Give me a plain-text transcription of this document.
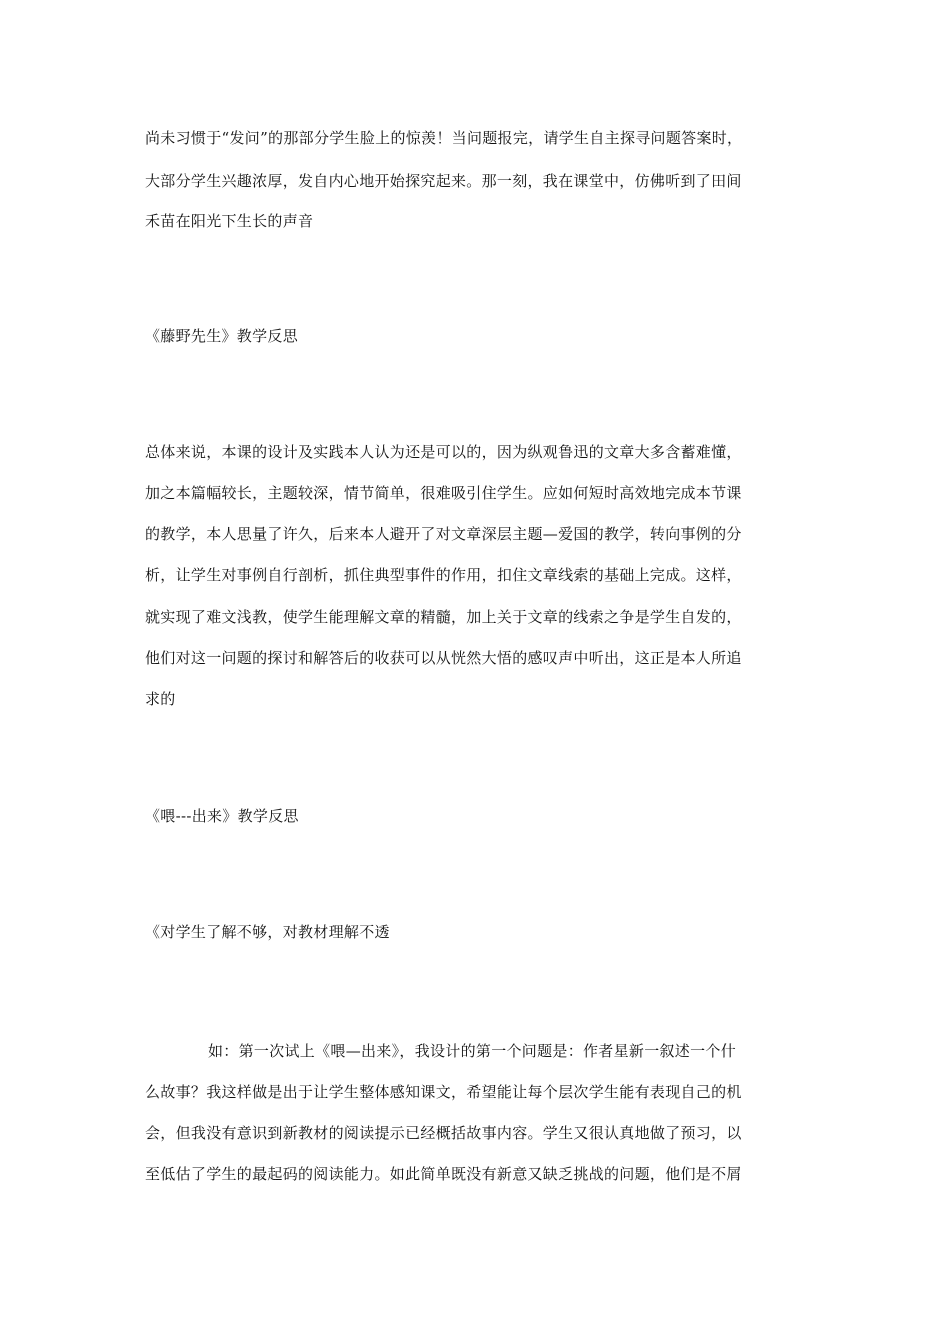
尚未习惯于“发问”的那部分学生脸上的惊羡！当问题报完，请学生自主探寻问题答案时，
大部分学生兴趣浓厚，发自内心地开始探究起来。那一刻，我在课堂中，仿佛听到了田间
禾苗在阳光下生长的声音
《藤野先生》教学反思
总体来说，本课的设计及实践本人认为还是可以的，因为纵观鲁迅的文章大多含蓄难懂，
加之本篇幅较长，主题较深，情节简单，很难吸引住学生。应如何短时高效地完成本节课
的教学，本人思量了许久，后来本人避开了对文章深层主题—爱国的教学，转向事例的分
析，让学生对事例自行剖析，抓住典型事件的作用，扣住文章线索的基础上完成。这样，
就实现了难文浅教，使学生能理解文章的精髓，加上关于文章的线索之争是学生自发的，
他们对这一问题的探讨和解答后的收获可以从恍然大悟的感叹声中听出，这正是本人所追
求的
《喂---出来》教学反思
《对学生了解不够，对教材理解不透
如：第一次试上《喂—出来》，我设计的第一个问题是：作者星新一叙述一个什
么故事？我这样做是出于让学生整体感知课文，希望能让每个层次学生能有表现自己的机
会，但我没有意识到新教材的阅读提示已经概括故事内容。学生又很认真地做了预习，以
至低估了学生的最起码的阅读能力。如此简单既没有新意又缺乏挑战的问题，他们是不屑
